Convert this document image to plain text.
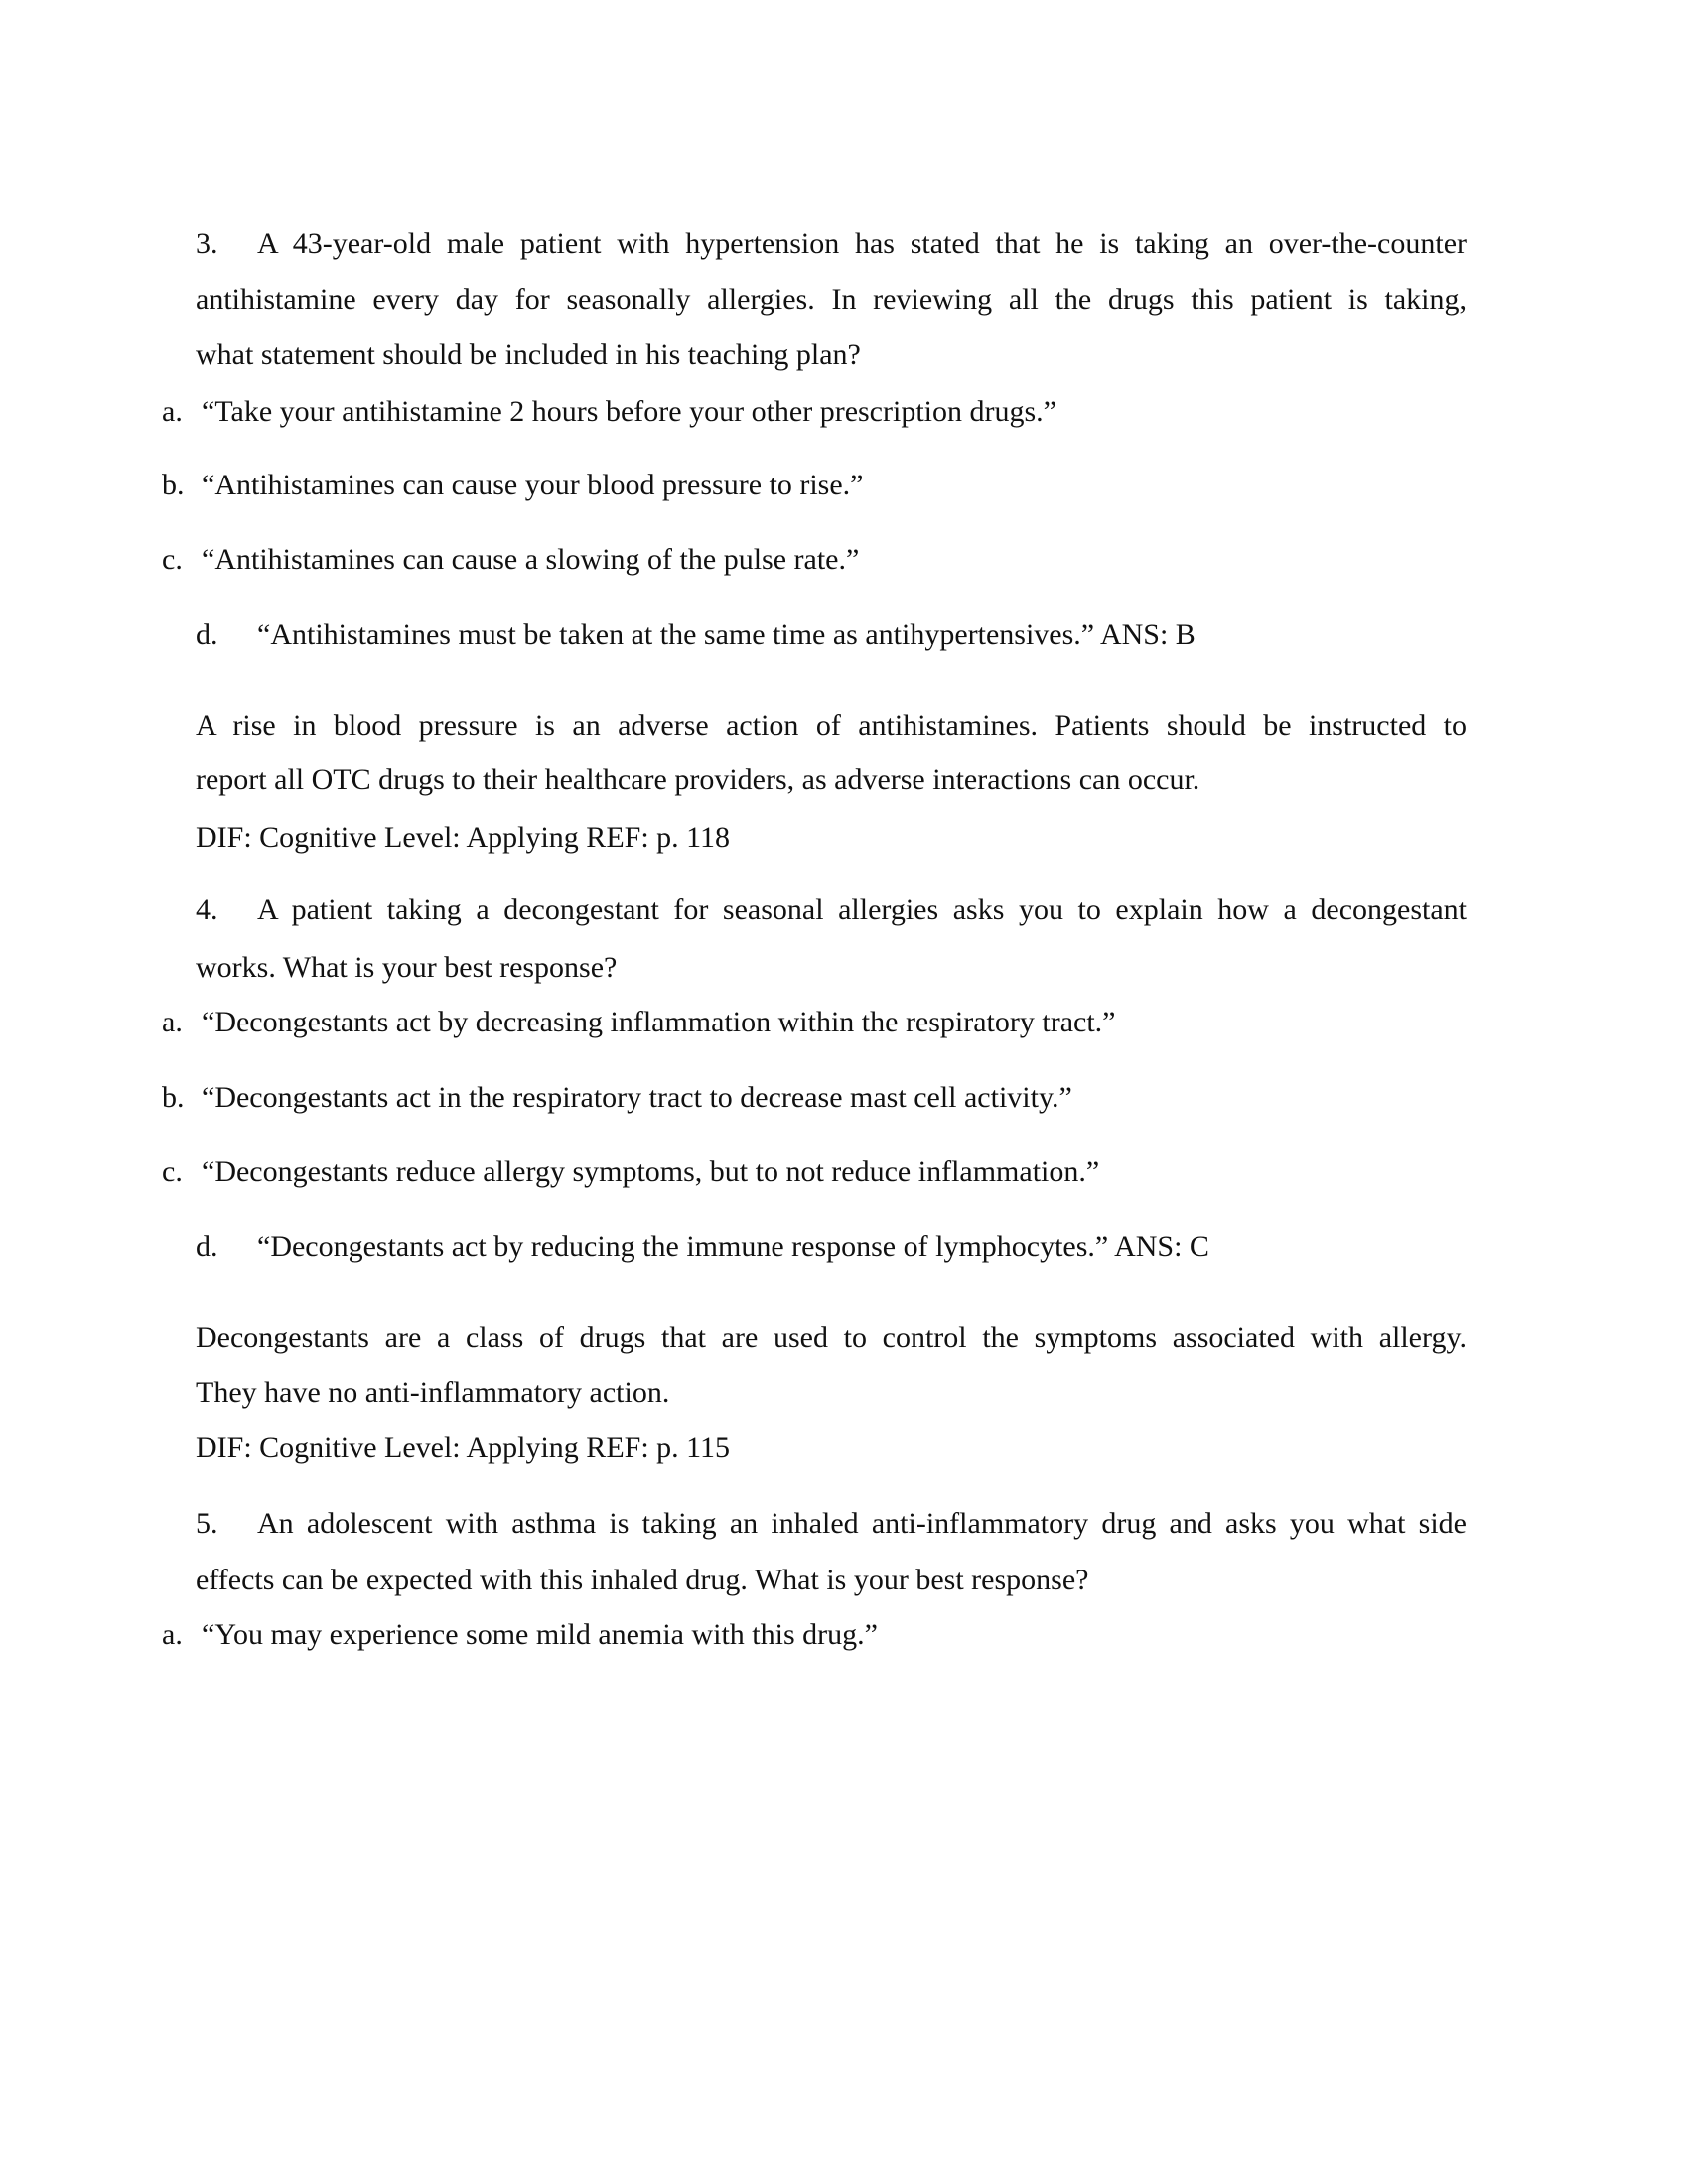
3. A 43-year-old male patient with hypertension has stated that he is taking an over-the-counter
antihistamine every day for seasonally allergies. In reviewing all the drugs this patient is taking,
what statement should be included in his teaching plan?
a. “Take your antihistamine 2 hours before your other prescription drugs.”
b. “Antihistamines can cause your blood pressure to rise.”
c. “Antihistamines can cause a slowing of the pulse rate.”
d. “Antihistamines must be taken at the same time as antihypertensives.” ANS: B
A rise in blood pressure is an adverse action of antihistamines. Patients should be instructed to
report all OTC drugs to their healthcare providers, as adverse interactions can occur.
DIF: Cognitive Level: Applying REF: p. 118
4. A patient taking a decongestant for seasonal allergies asks you to explain how a decongestant
works. What is your best response?
a. “Decongestants act by decreasing inflammation within the respiratory tract.”
b. “Decongestants act in the respiratory tract to decrease mast cell activity.”
c. “Decongestants reduce allergy symptoms, but to not reduce inflammation.”
d. “Decongestants act by reducing the immune response of lymphocytes.” ANS: C
Decongestants are a class of drugs that are used to control the symptoms associated with allergy.
They have no anti-inflammatory action.
DIF: Cognitive Level: Applying REF: p. 115
5. An adolescent with asthma is taking an inhaled anti-inflammatory drug and asks you what side
effects can be expected with this inhaled drug. What is your best response?
a. “You may experience some mild anemia with this drug.”
